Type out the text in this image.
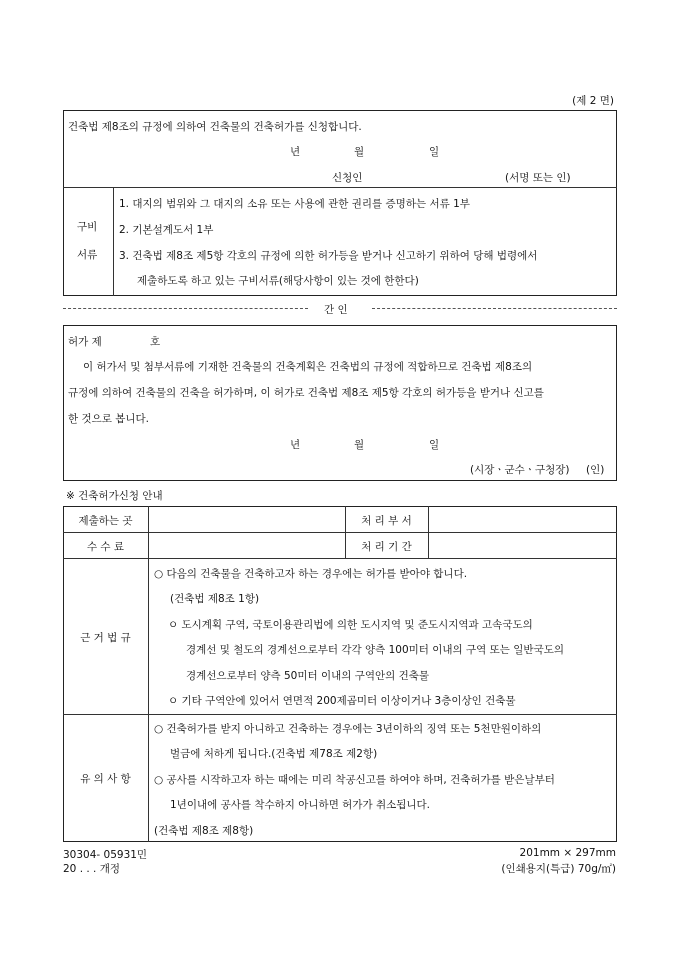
(제 2 면)
건축법 제8조의 규정에 의하여 건축물의 건축허가를 신청합니다.
년	월	일
신청인	(서명 또는 인)
구비
서류
1. 대지의 범위와 그 대지의 소유 또는 사용에 관한 권리를 증명하는 서류 1부
2. 기본설계도서 1부
3. 건축법 제8조 제5항 각호의 규정에 의한 허가등을 받거나 신고하기 위하여 당해 법령에서
제출하도록 하고 있는 구비서류(해당사항이 있는 것에 한한다)
간 인
허가 제	호
이 허가서 및 첨부서류에 기재한 건축물의 건축계획은 건축법의 규정에 적합하므로 건축법 제8조의
규정에 의하여 건축물의 건축을 허가하며, 이 허가로 건축법 제8조 제5항 각호의 허가등을 받거나 신고를
한 것으로 봅니다.
년	월	일
(시장ㆍ군수ㆍ구청장) (인)
※ 건축허가신청 안내
제출하는 곳	처 리 부 서
수 수 료	처 리 기 간
근 거 법 규
○ 다음의 건축물을 건축하고자 하는 경우에는 허가를 받아야 합니다.
(건축법 제8조 1항)
ㅇ 도시계획 구역, 국토이용관리법에 의한 도시지역 및 준도시지역과 고속국도의
경계선 및 철도의 경계선으로부터 각각 양측 100미터 이내의 구역 또는 일반국도의
경계선으로부터 양측 50미터 이내의 구역안의 건축물
ㅇ 기타 구역안에 있어서 연면적 200제곱미터 이상이거나 3층이상인 건축물
유 의 사 항
○ 건축허가를 받지 아니하고 건축하는 경우에는 3년이하의 징역 또는 5천만원이하의
벌금에 처하게 됩니다.(건축법 제78조 제2항)
○ 공사를 시작하고자 하는 때에는 미리 착공신고를 하여야 하며, 건축허가를 받은날부터
1년이내에 공사를 착수하지 아니하면 허가가 취소됩니다.
(건축법 제8조 제8항)
30304- 05931민
20 . . . 개정
201mm × 297mm
(인쇄용지(특급) 70g/㎡)
